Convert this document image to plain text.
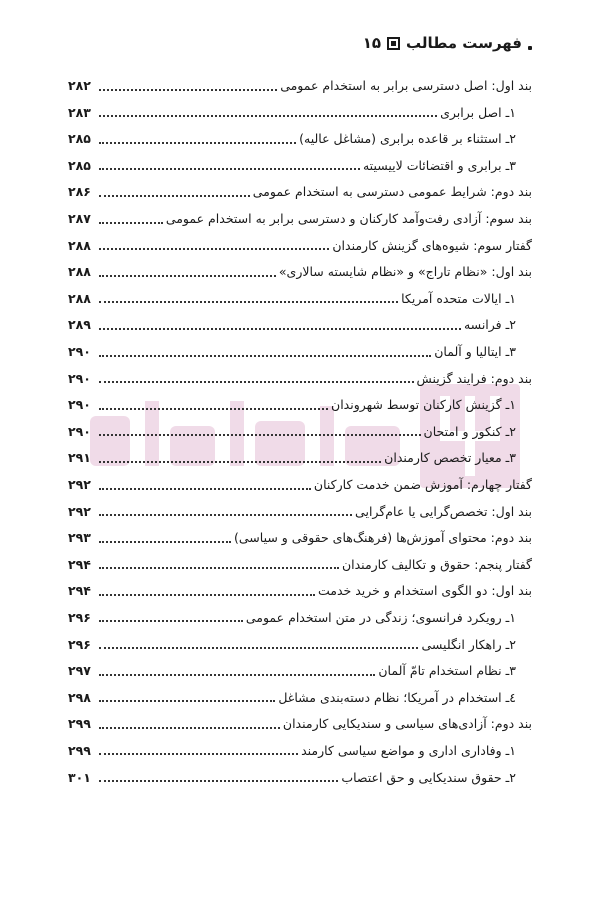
فهرست مطالب
۱۵
بند اول: اصل دسترسی برابر به استخدام عمومی
۲۸۲
۱ـ اصل برابری
۲۸۳
۲ـ استثناء بر قاعده برابری (مشاغل عالیه)
۲۸۵
۳ـ برابری و اقتضائات لاییسیته
۲۸۵
بند دوم: شرایط عمومی دسترسی به استخدام عمومی
۲۸۶
بند سوم: آزادی رفت‌وآمد کارکنان و دسترسی برابر به استخدام عمومی
۲۸۷
گفتار سوم: شیوه‌های گزینش کارمندان
۲۸۸
بند اول: «نظام تاراج» و «نظام شایسته سالاری»
۲۸۸
۱ـ ایالات متحده آمریکا
۲۸۸
۲ـ فرانسه
۲۸۹
۳ـ ایتالیا و آلمان
۲۹۰
بند دوم: فرایند گزینش
۲۹۰
۱ـ گزینش کارکنان توسط شهروندان
۲۹۰
۲ـ کنکور و امتحان
۲۹۰
۳ـ معیار تخصص کارمندان
۲۹۱
گفتار چهارم: آموزش ضمن خدمت کارکنان
۲۹۲
بند اول: تخصص‌گرایی یا عام‌گرایی
۲۹۲
بند دوم: محتوای آموزش‌ها (فرهنگ‌های حقوقی و سیاسی)
۲۹۳
گفتار پنجم: حقوق و تکالیف کارمندان
۲۹۴
بند اول: دو الگوی استخدام و خرید خدمت
۲۹۴
۱ـ رویکرد فرانسوی؛ زندگی در متن استخدام عمومی
۲۹۶
۲ـ راهکار انگلیسی
۲۹۶
۳ـ نظام استخدام تامّ آلمان
۲۹۷
٤ـ استخدام در آمریکا؛ نظام دسته‌بندی مشاغل
۲۹۸
بند دوم: آزادی‌های سیاسی و سندیکایی کارمندان
۲۹۹
۱ـ وفاداری اداری و مواضع سیاسی کارمند
۲۹۹
۲ـ حقوق سندیکایی و حق اعتصاب
۳۰۱
